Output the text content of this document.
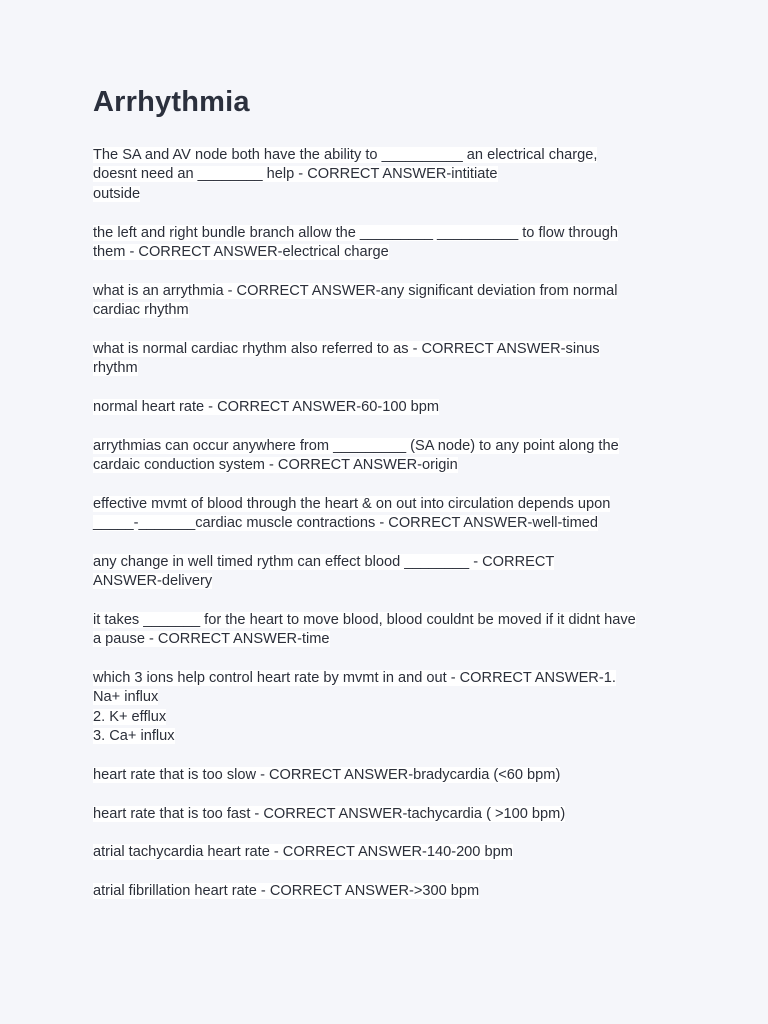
Arrhythmia
The SA and AV node both have the ability to __________ an electrical charge,
doesnt need an ________ help - CORRECT ANSWER-intitiate
outside
the left and right bundle branch allow the _________ __________ to flow through
them - CORRECT ANSWER-electrical charge
what is an arrythmia - CORRECT ANSWER-any significant deviation from normal
cardiac rhythm
what is normal cardiac rhythm also referred to as - CORRECT ANSWER-sinus
rhythm
normal heart rate - CORRECT ANSWER-60-100 bpm
arrythmias can occur anywhere from _________ (SA node) to any point along the
cardaic conduction system - CORRECT ANSWER-origin
effective mvmt of blood through the heart & on out into circulation depends upon
_____-_______cardiac muscle contractions - CORRECT ANSWER-well-timed
any change in well timed rythm can effect blood ________ - CORRECT
ANSWER-delivery
it takes _______ for the heart to move blood, blood couldnt be moved if it didnt have
a pause - CORRECT ANSWER-time
which 3 ions help control heart rate by mvmt in and out - CORRECT ANSWER-1.
Na+ influx
2. K+ efflux
3. Ca+ influx
heart rate that is too slow - CORRECT ANSWER-bradycardia (<60 bpm)
heart rate that is too fast - CORRECT ANSWER-tachycardia ( >100 bpm)
atrial tachycardia heart rate - CORRECT ANSWER-140-200 bpm
atrial fibrillation heart rate - CORRECT ANSWER->300 bpm
